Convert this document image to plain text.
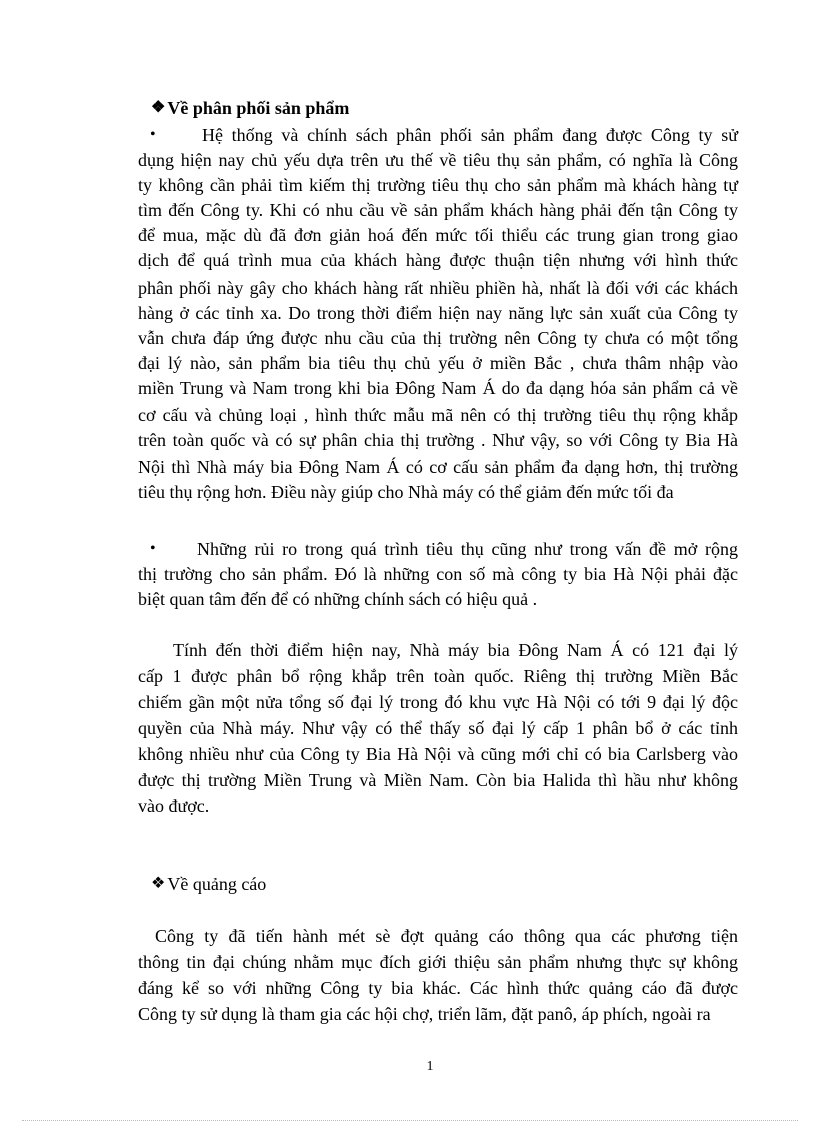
❖ Về phân phối sản phẩm
•	Hệ thống và chính sách phân phối sản phẩm đang được Công ty sử
dụng hiện nay chủ yếu dựa trên ưu thế về tiêu thụ sản phẩm, có nghĩa là Công
ty không cần phải tìm kiếm thị trường tiêu thụ cho sản phẩm mà khách hàng tự
tìm đến Công ty. Khi có nhu cầu về sản phẩm khách hàng phải đến tận Công ty
để mua, mặc dù đã đơn giản hoá đến mức tối thiểu các trung gian trong giao
dịch để quá trình mua của khách hàng được thuận tiện nhưng với hình thức
phân phối này gây cho khách hàng rất nhiều phiền hà, nhất là đối với các khách
hàng ở các tỉnh xa. Do trong thời điểm hiện nay năng lực sản xuất của Công ty
vẫn chưa đáp ứng được nhu cầu của thị trường nên Công ty chưa có một tổng
đại lý nào, sản phẩm bia tiêu thụ chủ yếu ở miền Bắc , chưa thâm nhập vào
miền Trung và Nam trong khi bia Đông Nam Á do đa dạng hóa sản phẩm cả về
cơ cấu và chủng loại , hình thức mẫu mã nên có thị trường tiêu thụ rộng khắp
trên toàn quốc và có sự phân chia thị trường . Như vậy, so với Công ty Bia Hà
Nội thì Nhà máy bia Đông Nam Á có cơ cấu sản phẩm đa dạng hơn, thị trường
tiêu thụ rộng hơn. Điều này giúp cho Nhà máy có thể giảm đến mức tối đa
• Những rủi ro trong quá trình tiêu thụ cũng như trong vấn đề mở rộng
thị trường cho sản phẩm. Đó là những con số mà công ty bia Hà Nội phải đặc
biệt quan tâm đến để có những chính sách có hiệu quả .
Tính đến thời điểm hiện nay, Nhà máy bia Đông Nam Á có 121 đại lý
cấp 1 được phân bổ rộng khắp trên toàn quốc. Riêng thị trường Miền Bắc
chiếm gần một nửa tổng số đại lý trong đó khu vực Hà Nội có tới 9 đại lý độc
quyền của Nhà máy. Như vậy có thể thấy số đại lý cấp 1 phân bổ ở các tỉnh
không nhiều như của Công ty Bia Hà Nội và cũng mới chỉ có bia Carlsberg vào
được thị trường Miền Trung và Miền Nam. Còn bia Halida thì hầu như không
vào được.
❖ Về quảng cáo
Công ty đã tiến hành mét sè đợt quảng cáo thông qua các phương tiện
thông tin đại chúng nhằm mục đích giới thiệu sản phẩm nhưng thực sự không
đáng kể so với những Công ty bia khác. Các hình thức quảng cáo đã được
Công ty sử dụng là tham gia các hội chợ, triển lãm, đặt panô, áp phích, ngoài ra
1
